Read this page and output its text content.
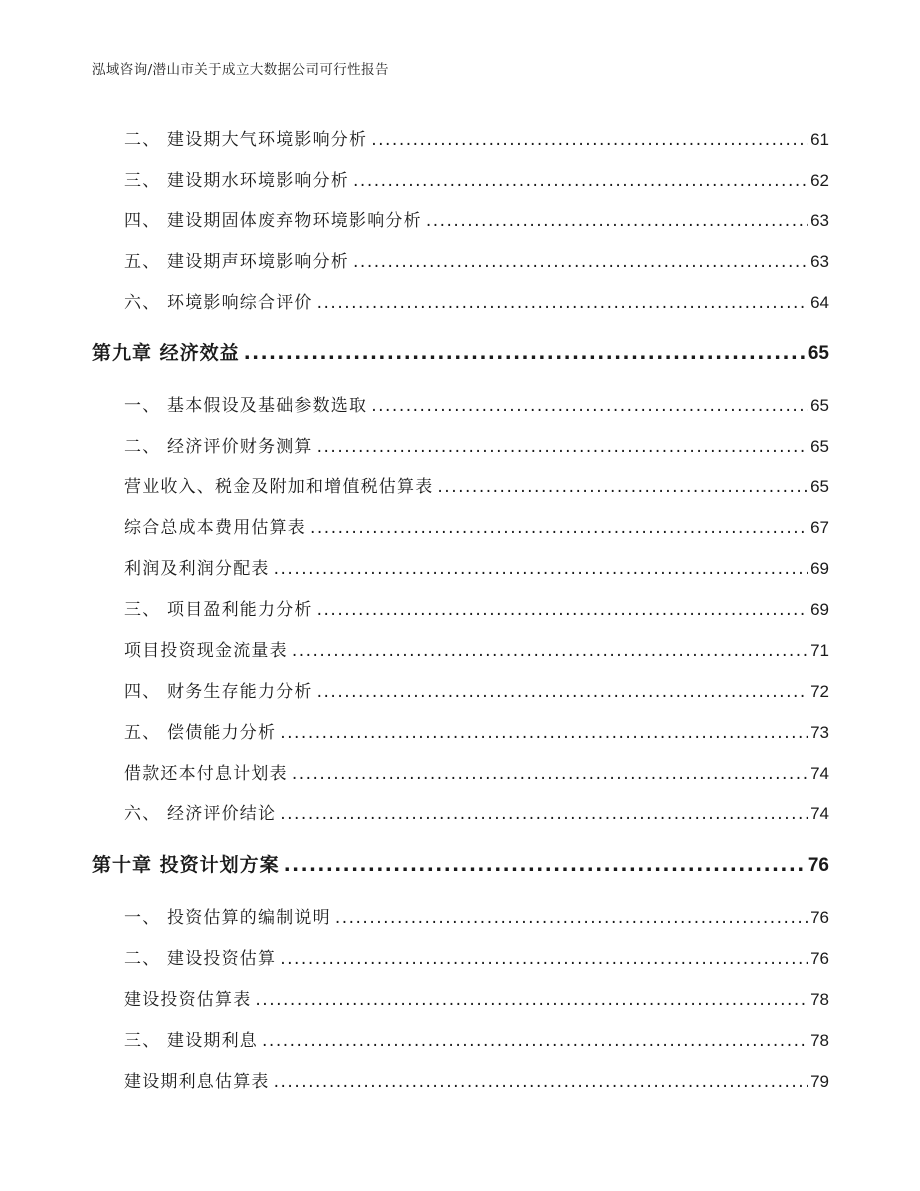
泓域咨询/潜山市关于成立大数据公司可行性报告
二、 建设期大气环境影响分析 .....	61
三、 建设期水环境影响分析 .....	62
四、 建设期固体废弃物环境影响分析 .....	63
五、 建设期声环境影响分析 .....	63
六、 环境影响综合评价 .....	64
第九章 经济效益 .....	65
一、 基本假设及基础参数选取 .....	65
二、 经济评价财务测算 .....	65
营业收入、税金及附加和增值税估算表 .....	65
综合总成本费用估算表 .....	67
利润及利润分配表 .....	69
三、 项目盈利能力分析 .....	69
项目投资现金流量表 .....	71
四、 财务生存能力分析 .....	72
五、 偿债能力分析 .....	73
借款还本付息计划表 .....	74
六、 经济评价结论 .....	74
第十章 投资计划方案 .....	76
一、 投资估算的编制说明 .....	76
二、 建设投资估算 .....	76
建设投资估算表 .....	78
三、 建设期利息 .....	78
建设期利息估算表 .....	79
